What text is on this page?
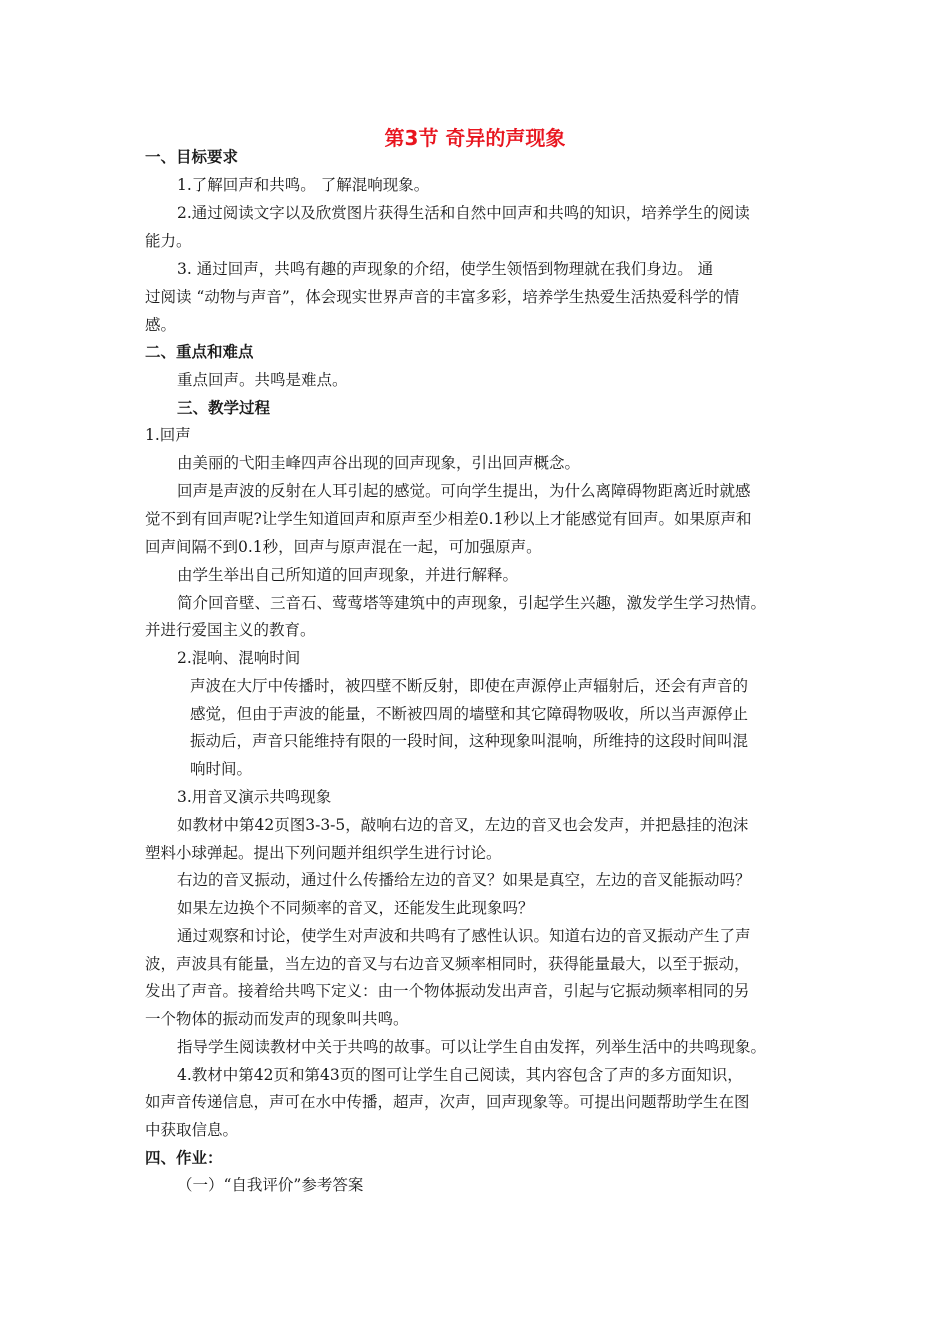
第3节 奇异的声现象
一、目标要求
1.了解回声和共鸣。 了解混响现象。
2.通过阅读文字以及欣赏图片获得生活和自然中回声和共鸣的知识，培养学生的阅读
能力。
3. 通过回声，共鸣有趣的声现象的介绍，使学生领悟到物理就在我们身边。 通
过阅读 “动物与声音”，体会现实世界声音的丰富多彩，培养学生热爱生活热爱科学的情
感。
二、重点和难点
重点回声。共鸣是难点。
三、教学过程
1.回声
由美丽的弋阳圭峰四声谷出现的回声现象，引出回声概念。
回声是声波的反射在人耳引起的感觉。可向学生提出，为什么离障碍物距离近时就感
觉不到有回声呢?让学生知道回声和原声至少相差0.1秒以上才能感觉有回声。如果原声和
回声间隔不到0.1秒，回声与原声混在一起，可加强原声。
由学生举出自己所知道的回声现象，并进行解释。
简介回音壁、三音石、莺莺塔等建筑中的声现象，引起学生兴趣，激发学生学习热情。
并进行爱国主义的教育。
2.混响、混响时间
声波在大厅中传播时，被四壁不断反射，即使在声源停止声辐射后，还会有声音的
感觉，但由于声波的能量，不断被四周的墙壁和其它障碍物吸收，所以当声源停止
振动后，声音只能维持有限的一段时间，这种现象叫混响，所维持的这段时间叫混
响时间。
3.用音叉演示共鸣现象
如教材中第42页图3-3-5，敲响右边的音叉，左边的音叉也会发声，并把悬挂的泡沫
塑料小球弹起。提出下列问题并组织学生进行讨论。
右边的音叉振动，通过什么传播给左边的音叉？如果是真空，左边的音叉能振动吗？
如果左边换个不同频率的音叉，还能发生此现象吗？
通过观察和讨论，使学生对声波和共鸣有了感性认识。知道右边的音叉振动产生了声
波，声波具有能量，当左边的音叉与右边音叉频率相同时，获得能量最大，以至于振动，
发出了声音。接着给共鸣下定义：由一个物体振动发出声音，引起与它振动频率相同的另
一个物体的振动而发声的现象叫共鸣。
指导学生阅读教材中关于共鸣的故事。可以让学生自由发挥，列举生活中的共鸣现象。
4.教材中第42页和第43页的图可让学生自己阅读，其内容包含了声的多方面知识，
如声音传递信息，声可在水中传播，超声，次声，回声现象等。可提出问题帮助学生在图
中获取信息。
四、作业：
（一）“自我评价”参考答案
